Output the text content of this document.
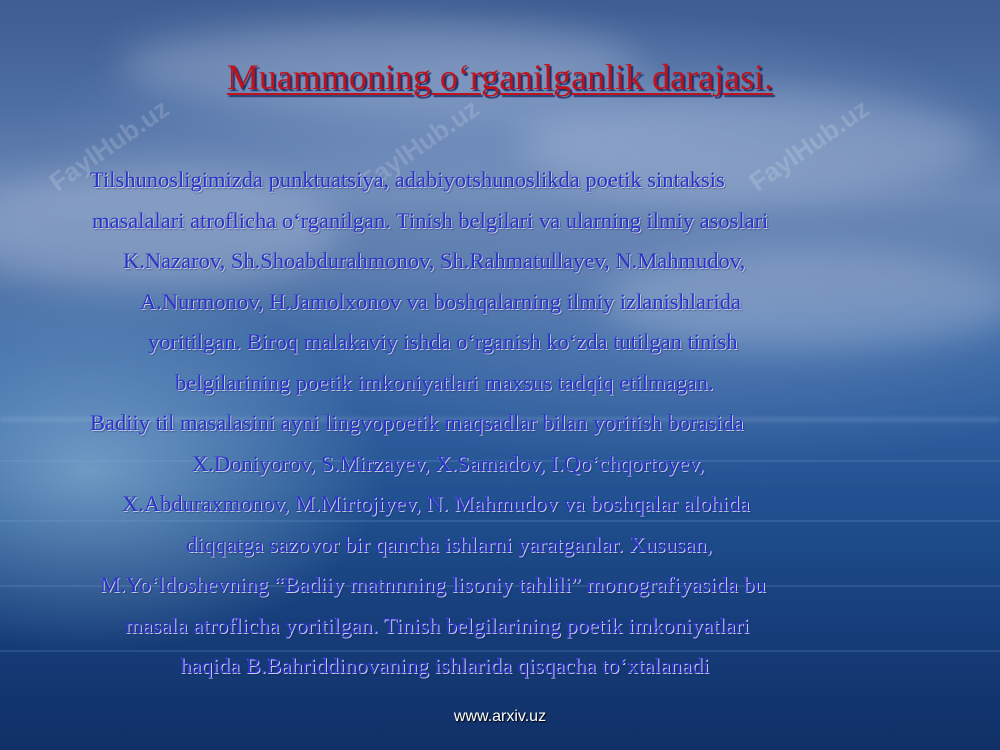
FaylHub.uz	FaylHub.uz	FaylHub.uz
Muammoning o‘rganilganlik darajasi.
Tilshunosligimizda punktuatsiya, adabiyotshunoslikda poetik sintaksis
masalalari atroflicha o‘rganilgan. Tinish belgilari va ularning ilmiy asoslari
K.Nazarov, Sh.Shoabdurahmonov, Sh.Rahmatullayev, N.Mahmudov,
A.Nurmonov, H.Jamolxonov va boshqalarning ilmiy izlanishlarida
yoritilgan. Biroq malakaviy ishda o‘rganish ko‘zda tutilgan tinish
belgilarining poetik imkoniyatlari maxsus tadqiq etilmagan.
Badiiy til masalasini ayni lingvopoetik maqsadlar bilan yoritish borasida
X.Doniyorov, S.Mirzayev, X.Samadov, I.Qo‘chqortoyev,
X.Abduraxmonov, M.Mirtojiyev, N. Mahmudov va boshqalar alohida
diqqatga sazovor bir qancha ishlarni yaratganlar. Xususan,
M.Yo‘ldoshevning “Badiiy matnnning lisoniy tahlili” monografiyasida bu
masala atroflicha yoritilgan. Tinish belgilarining poetik imkoniyatlari
haqida B.Bahriddinovaning ishlarida qisqacha to‘xtalanadi
www.arxiv.uz
